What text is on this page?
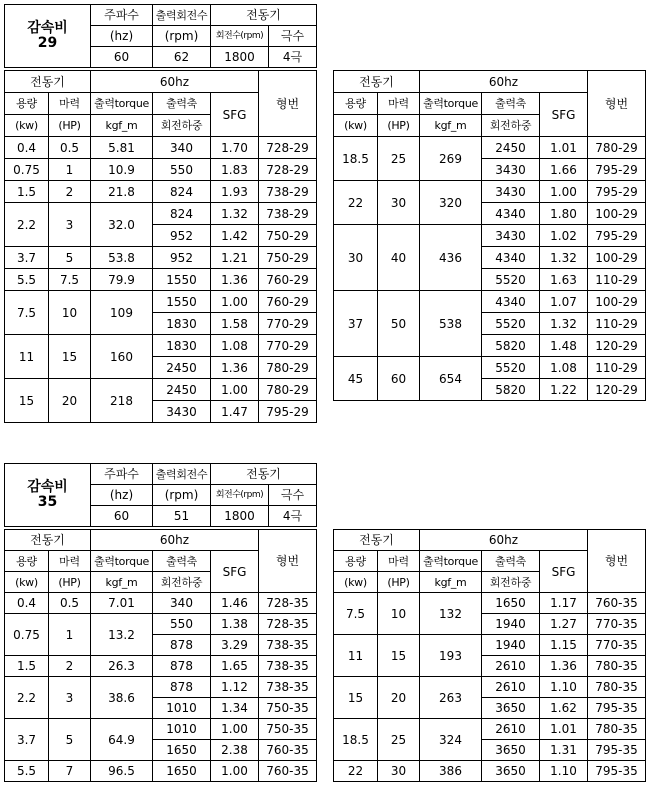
감속비
29	주파수	출력회전수	전동기	
	(hz)	(rpm)	회전수(rpm)	극수
	60	62	1800	4극
전동기		60hz			형번
용량	마력	출력torque	출력축	SFG	
(kw)	(HP)	kgf_m	회전하중		
0.4	0.5	5.81	340	1.70	728-29
0.75	1	10.9	550	1.83	728-29
1.5	2	21.8	824	1.93	738-29
2.2	3	32.0	824	1.32	738-29
			952	1.42	750-29
3.7	5	53.8	952	1.21	750-29
5.5	7.5	79.9	1550	1.36	760-29
7.5	10	109	1550	1.00	760-29
			1830	1.58	770-29
11	15	160	1830	1.08	770-29
			2450	1.36	780-29
15	20	218	2450	1.00	780-29
			3430	1.47	795-29
전동기		60hz			형번
용량	마력	출력torque	출력축	SFG	
(kw)	(HP)	kgf_m	회전하중		
18.5	25	269	2450	1.01	780-29
			3430	1.66	795-29
22	30	320	3430	1.00	795-29
			4340	1.80	100-29
30	40	436	3430	1.02	795-29
			4340	1.32	100-29
			5520	1.63	110-29
37	50	538	4340	1.07	100-29
			5520	1.32	110-29
			5820	1.48	120-29
45	60	654	5520	1.08	110-29
			5820	1.22	120-29
감속비
35	주파수	출력회전수	전동기	
	(hz)	(rpm)	회전수(rpm)	극수
	60	51	1800	4극
전동기		60hz			형번
용량	마력	출력torque	출력축	SFG	
(kw)	(HP)	kgf_m	회전하중		
0.4	0.5	7.01	340	1.46	728-35
0.75	1	13.2	550	1.38	728-35
			878	3.29	738-35
1.5	2	26.3	878	1.65	738-35
2.2	3	38.6	878	1.12	738-35
			1010	1.34	750-35
3.7	5	64.9	1010	1.00	750-35
			1650	2.38	760-35
5.5	7	96.5	1650	1.00	760-35
전동기		60hz			형번
용량	마력	출력torque	출력축	SFG	
(kw)	(HP)	kgf_m	회전하중		
7.5	10	132	1650	1.17	760-35
			1940	1.27	770-35
11	15	193	1940	1.15	770-35
			2610	1.36	780-35
15	20	263	2610	1.10	780-35
			3650	1.62	795-35
18.5	25	324	2610	1.01	780-35
			3650	1.31	795-35
22	30	386	3650	1.10	795-35
